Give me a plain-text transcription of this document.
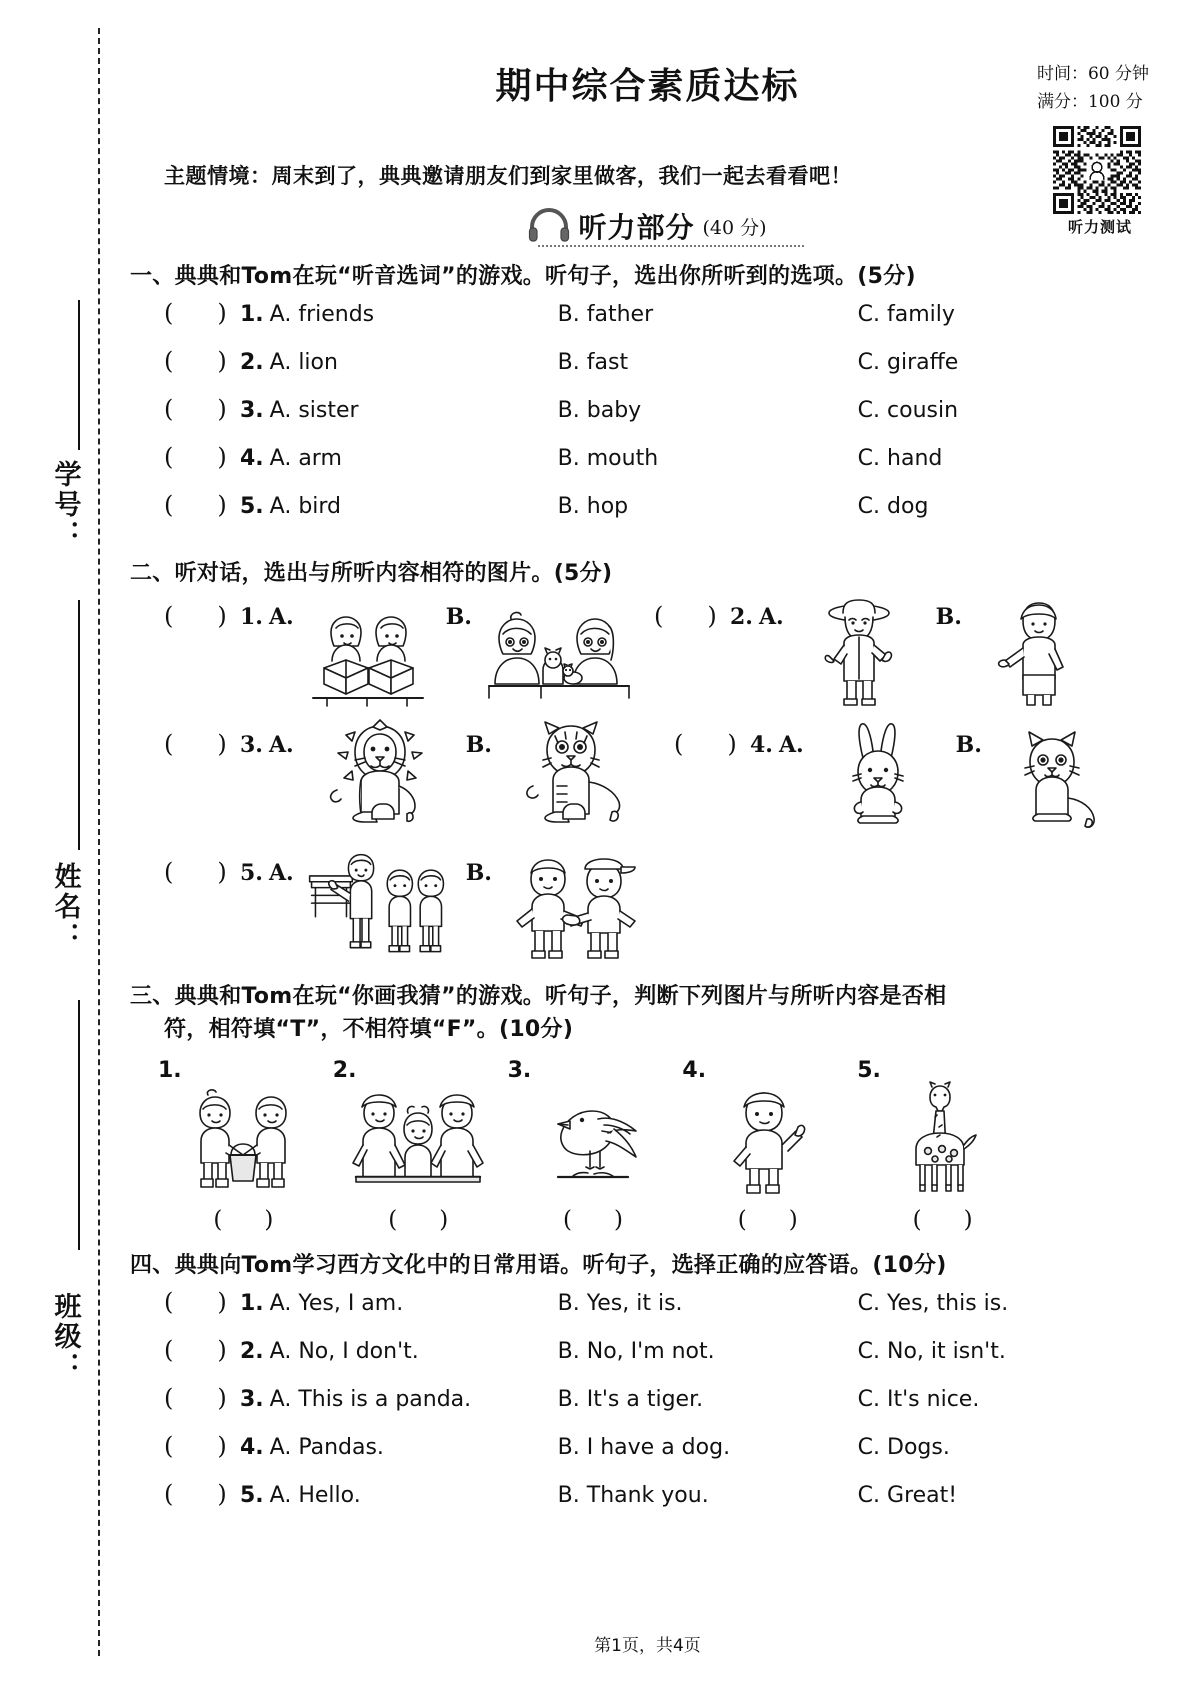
学号：
姓名：
班级：
期中综合素质达标	时间：60 分钟
满分：100 分
听力测试
主题情境：周末到了，典典邀请朋友们到家里做客，我们一起去看看吧！
听力部分 (40 分)
一、典典和Tom在玩“听音选词”的游戏。听句子，选出你所听到的选项。(5分)
( ) 1. A. friends	B. father	C. family
( ) 2. A. lion	B. fast	C. giraffe
( ) 3. A. sister	B. baby	C. cousin
( ) 4. A. arm	B. mouth	C. hand
( ) 5. A. bird	B. hop	C. dog
二、听对话，选出与所听内容相符的图片。(5分)
( ) 1. A.	B.	( ) 2. A.	B.
( ) 3. A.	B.	( ) 4. A.	B.
( ) 5. A.	B.
三、典典和Tom在玩“你画我猜”的游戏。听句子，判断下列图片与所听内容是否相
符，相符填“T”，不相符填“F”。(10分)
1.
( )
2.
( )
3.
( )
4.
( )
5.
( )
四、典典向Tom学习西方文化中的日常用语。听句子，选择正确的应答语。(10分)
( ) 1. A. Yes, I am.	B. Yes, it is.	C. Yes, this is.
( ) 2. A. No, I don't.	B. No, I'm not.	C. No, it isn't.
( ) 3. A. This is a panda.	B. It's a tiger.	C. It's nice.
( ) 4. A. Pandas.	B. I have a dog.	C. Dogs.
( ) 5. A. Hello.	B. Thank you.	C. Great!
第1页，共4页
